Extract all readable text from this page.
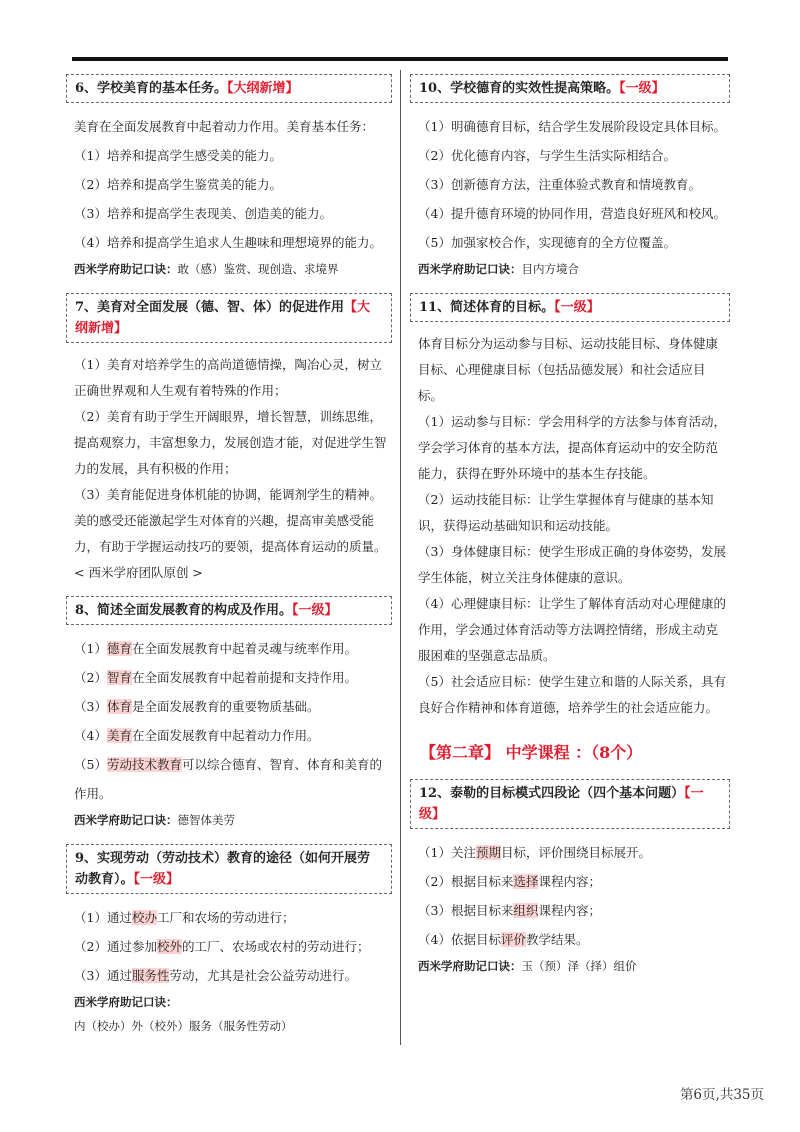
6、学校美育的基本任务。【大纲新增】
美育在全面发展教育中起着动力作用。美育基本任务：
（1）培养和提高学生感受美的能力。
（2）培养和提高学生鉴赏美的能力。
（3）培养和提高学生表现美、创造美的能力。
（4）培养和提高学生追求人生趣味和理想境界的能力。
西米学府助记口诀：敢（感）鉴赏、现创造、求境界
7、美育对全面发展（德、智、体）的促进作用【大纲新增】
（1）美育对培养学生的高尚道德情操，陶冶心灵，树立正确世界观和人生观有着特殊的作用；
（2）美育有助于学生开阔眼界，增长智慧，训练思维，提高观察力，丰富想象力，发展创造才能，对促进学生智力的发展，具有积极的作用；
（3）美育能促进身体机能的协调，能调剂学生的精神。美的感受还能激起学生对体育的兴趣，提高审美感受能力，有助于学握运动技巧的要领，提高体育运动的质量。< 西米学府团队原创 >
8、简述全面发展教育的构成及作用。【一级】
（1）德育在全面发展教育中起着灵魂与统率作用。
（2）智育在全面发展教育中起着前提和支持作用。
（3）体育是全面发展教育的重要物质基础。
（4）美育在全面发展教育中起着动力作用。
（5）劳动技术教育可以综合德育、智育、体育和美育的作用。
西米学府助记口诀：德智体美劳
9、实现劳动（劳动技术）教育的途径（如何开展劳动教育）。【一级】
（1）通过校办工厂和农场的劳动进行；
（2）通过参加校外的工厂、农场或农村的劳动进行；
（3）通过服务性劳动，尤其是社会公益劳动进行。
西米学府助记口诀：内（校办）外（校外）服务（服务性劳动）
10、学校德育的实效性提高策略。【一级】
（1）明确德育目标，结合学生发展阶段设定具体目标。
（2）优化德育内容，与学生生活实际相结合。
（3）创新德育方法，注重体验式教育和情境教育。
（4）提升德育环境的协同作用，营造良好班风和校风。
（5）加强家校合作，实现德育的全方位覆盖。
西米学府助记口诀：目内方境合
11、简述体育的目标。【一级】
体育目标分为运动参与目标、运动技能目标、身体健康目标、心理健康目标（包括品德发展）和社会适应目标。
（1）运动参与目标：学会用科学的方法参与体育活动，学会学习体育的基本方法，提高体育运动中的安全防范能力，获得在野外环境中的基本生存技能。
（2）运动技能目标：让学生掌握体育与健康的基本知识，获得运动基础知识和运动技能。
（3）身体健康目标：使学生形成正确的身体姿势，发展学生体能，树立关注身体健康的意识。
（4）心理健康目标：让学生了解体育活动对心理健康的作用，学会通过体育活动等方法调控情绪，形成主动克服困难的坚强意志品质。
（5）社会适应目标：使学生建立和谐的人际关系，具有良好合作精神和体育道德，培养学生的社会适应能力。
【第二章】 中学课程 ：（8个）
12、泰勒的目标模式四段论（四个基本问题）【一级】
（1）关注预期目标，评价围绕目标展开。
（2）根据目标来选择课程内容；
（3）根据目标来组织课程内容；
（4）依据目标评价教学结果。
西米学府助记口诀：玉（预）泽（择）组价
第6页,共35页
